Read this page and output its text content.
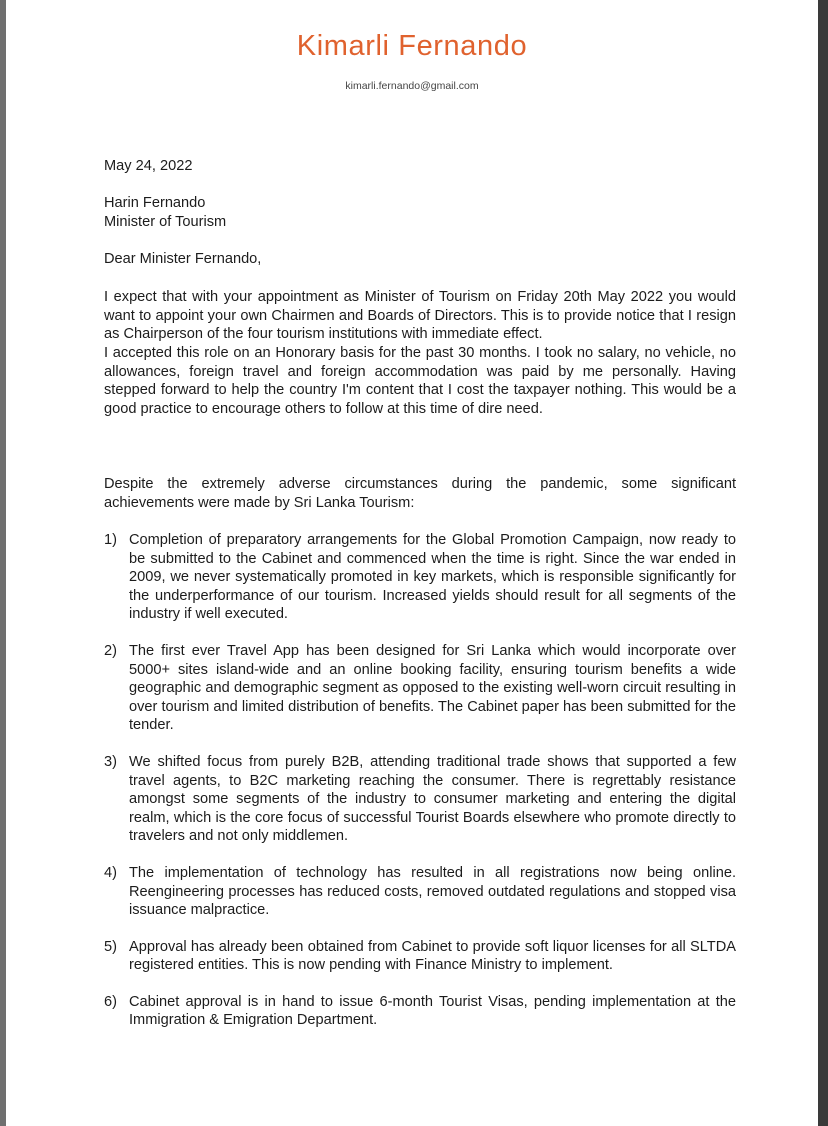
Kimarli Fernando
kimarli.fernando@gmail.com
May 24, 2022
Harin Fernando
Minister of Tourism
Dear Minister Fernando,
I expect that with your appointment as Minister of Tourism on Friday 20th May 2022 you would want to appoint your own Chairmen and Boards of Directors. This is to provide notice that I resign as Chairperson of the four tourism institutions with immediate effect.
I accepted this role on an Honorary basis for the past 30 months. I took no salary, no vehicle, no allowances, foreign travel and foreign accommodation was paid by me personally. Having stepped forward to help the country I'm content that I cost the taxpayer nothing. This would be a good practice to encourage others to follow at this time of dire need.
Despite the extremely adverse circumstances during the pandemic, some significant achievements were made by Sri Lanka Tourism:
1) Completion of preparatory arrangements for the Global Promotion Campaign, now ready to be submitted to the Cabinet and commenced when the time is right. Since the war ended in 2009, we never systematically promoted in key markets, which is responsible significantly for the underperformance of our tourism. Increased yields should result for all segments of the industry if well executed.
2) The first ever Travel App has been designed for Sri Lanka which would incorporate over 5000+ sites island-wide and an online booking facility, ensuring tourism benefits a wide geographic and demographic segment as opposed to the existing well-worn circuit resulting in over tourism and limited distribution of benefits. The Cabinet paper has been submitted for the tender.
3) We shifted focus from purely B2B, attending traditional trade shows that supported a few travel agents, to B2C marketing reaching the consumer. There is regrettably resistance amongst some segments of the industry to consumer marketing and entering the digital realm, which is the core focus of successful Tourist Boards elsewhere who promote directly to travelers and not only middlemen.
4) The implementation of technology has resulted in all registrations now being online. Reengineering processes has reduced costs, removed outdated regulations and stopped visa issuance malpractice.
5) Approval has already been obtained from Cabinet to provide soft liquor licenses for all SLTDA registered entities. This is now pending with Finance Ministry to implement.
6) Cabinet approval is in hand to issue 6-month Tourist Visas, pending implementation at the Immigration & Emigration Department.
